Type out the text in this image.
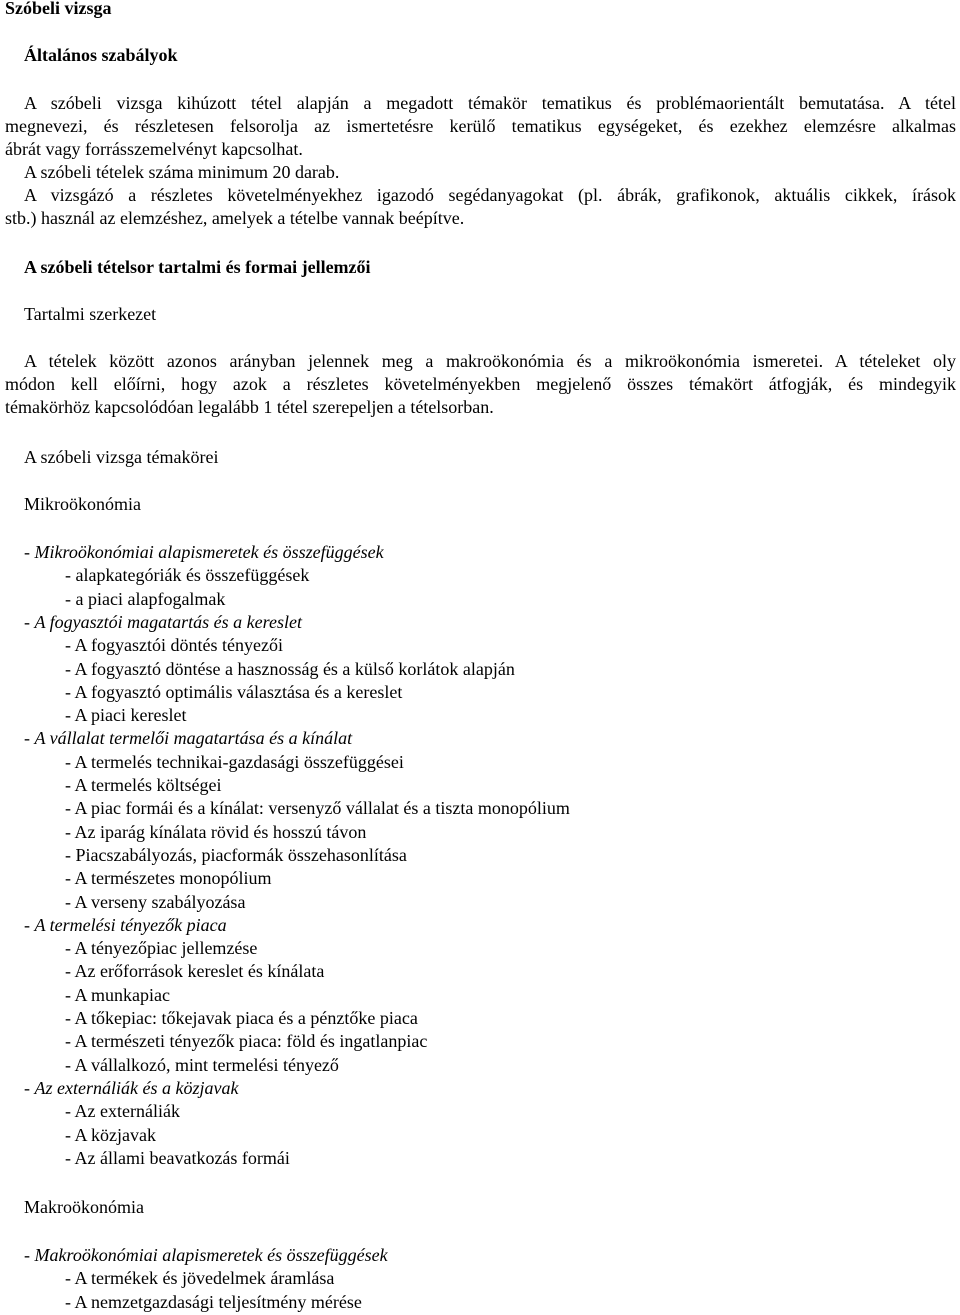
Szóbeli vizsga
Általános szabályok
A szóbeli vizsga kihúzott tétel alapján a megadott témakör tematikus és problémaorientált bemutatása. A tétel
megnevezi, és részletesen felsorolja az ismertetésre kerülő tematikus egységeket, és ezekhez elemzésre alkalmas
ábrát vagy forrásszemelvényt kapcsolhat.
A szóbeli tételek száma minimum 20 darab.
A vizsgázó a részletes követelményekhez igazodó segédanyagokat (pl. ábrák, grafikonok, aktuális cikkek, írások
stb.) használ az elemzéshez, amelyek a tételbe vannak beépítve.
A szóbeli tételsor tartalmi és formai jellemzői
Tartalmi szerkezet
A tételek között azonos arányban jelennek meg a makroökonómia és a mikroökonómia ismeretei. A tételeket oly
módon kell előírni, hogy azok a részletes követelményekben megjelenő összes témakört átfogják, és mindegyik
témakörhöz kapcsolódóan legalább 1 tétel szerepeljen a tételsorban.
A szóbeli vizsga témakörei
Mikroökonómia
- Mikroökonómiai alapismeretek és összefüggések
- alapkategóriák és összefüggések
- a piaci alapfogalmak
- A fogyasztói magatartás és a kereslet
- A fogyasztói döntés tényezői
- A fogyasztó döntése a hasznosság és a külső korlátok alapján
- A fogyasztó optimális választása és a kereslet
- A piaci kereslet
- A vállalat termelői magatartása és a kínálat
- A termelés technikai-gazdasági összefüggései
- A termelés költségei
- A piac formái és a kínálat: versenyző vállalat és a tiszta monopólium
- Az iparág kínálata rövid és hosszú távon
- Piacszabályozás, piacformák összehasonlítása
- A természetes monopólium
- A verseny szabályozása
- A termelési tényezők piaca
- A tényezőpiac jellemzése
- Az erőforrások kereslet és kínálata
- A munkapiac
- A tőkepiac: tőkejavak piaca és a pénztőke piaca
- A természeti tényezők piaca: föld és ingatlanpiac
- A vállalkozó, mint termelési tényező
- Az externáliák és a közjavak
- Az externáliák
- A közjavak
- Az állami beavatkozás formái
Makroökonómia
- Makroökonómiai alapismeretek és összefüggések
- A termékek és jövedelmek áramlása
- A nemzetgazdasági teljesítmény mérése
